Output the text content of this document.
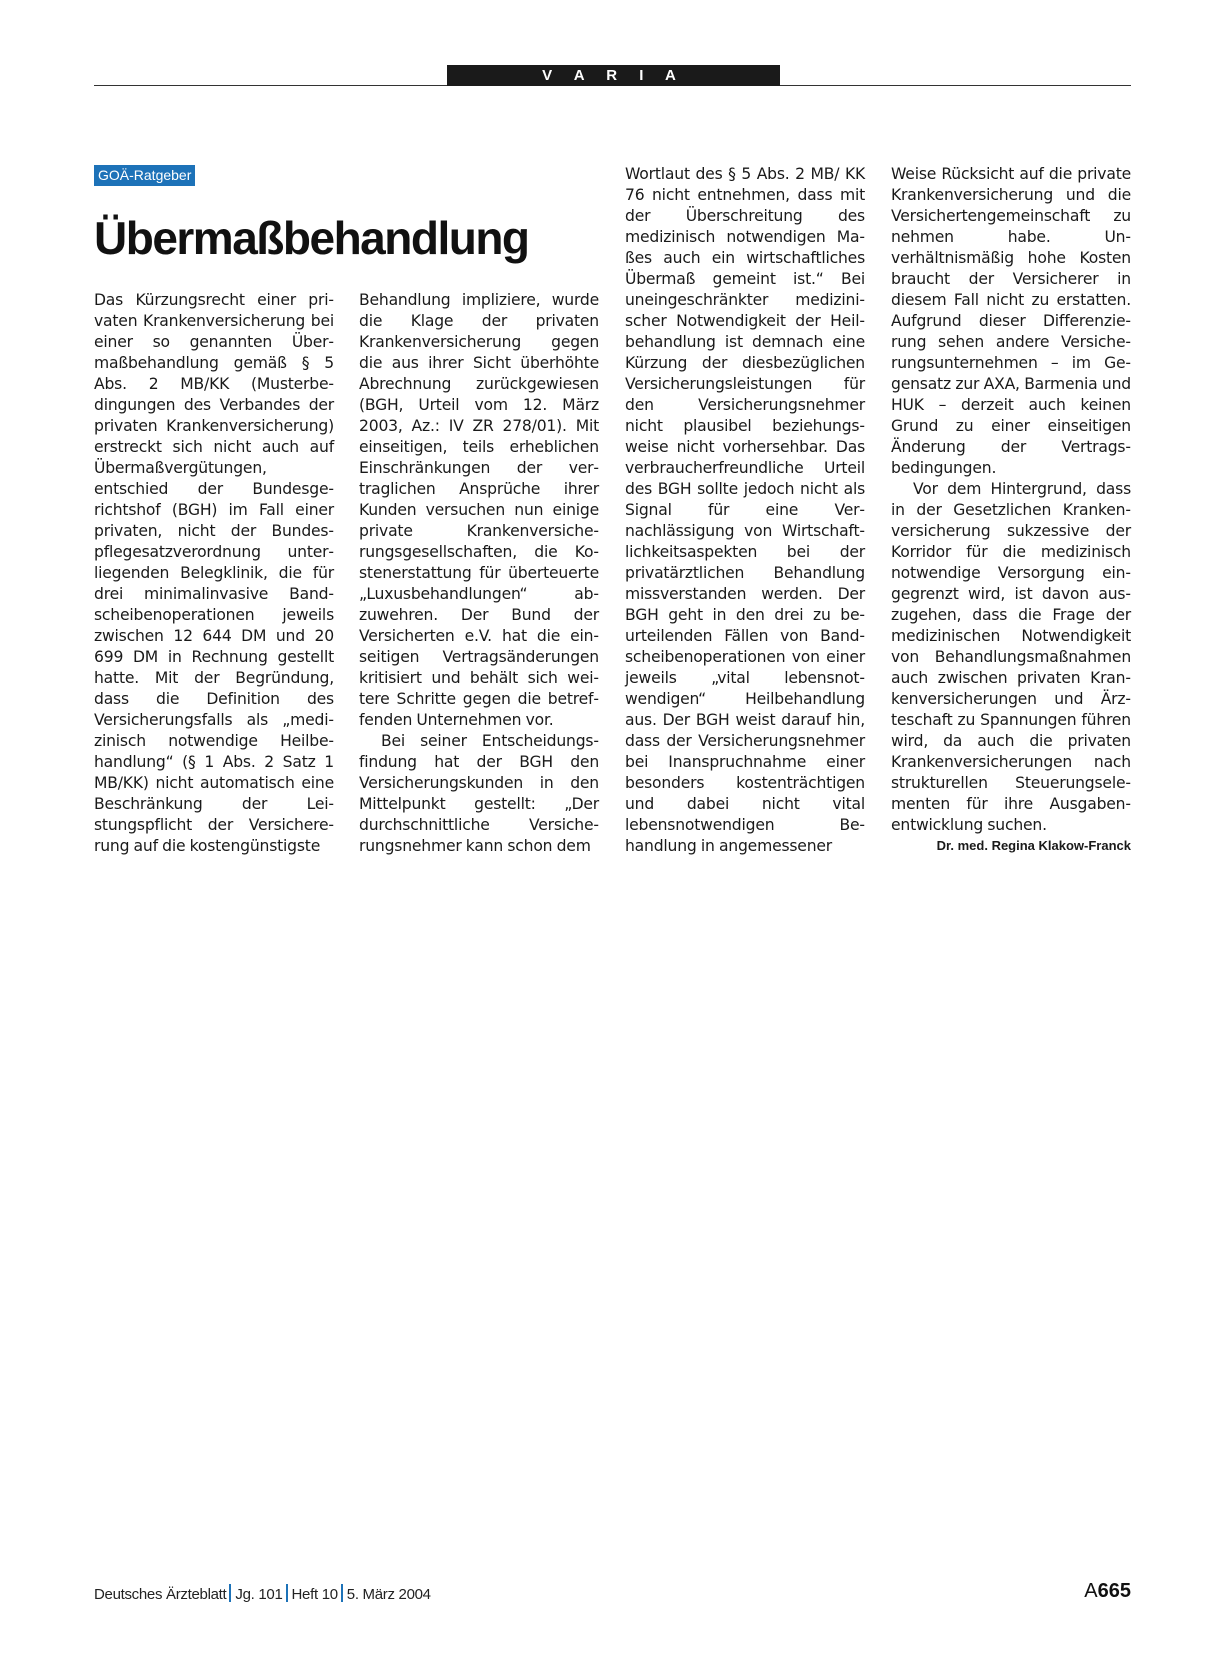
V A R I A
GOÄ-Ratgeber
Übermaßbehandlung

Das Kürzungsrecht einer privaten Krankenversicherung bei einer so genannten Übermaßbehandlung gemäß § 5 Abs. 2 MB/KK (Musterbedingungen des Verbandes der privaten Krankenversicherung) erstreckt sich nicht auch auf Übermaßvergütungen, entschied der Bundesgerichtshof (BGH) im Fall einer privaten, nicht der Bundespflegesatzverordnung unterliegenden Belegklinik, die für drei minimalinvasive Bandscheibenoperationen jeweils zwischen 12 644 DM und 20 699 DM in Rechnung gestellt hatte. Mit der Begründung, dass die Definition des Versicherungsfalls als „medizinisch notwendige Heilbehandlung“ (§ 1 Abs. 2 Satz 1 MB/KK) nicht automatisch eine Beschränkung der Leistungspflicht der Versichererung auf die kostengünstigste

Behandlung impliziere, wurde die Klage der privaten Krankenversicherung gegen die aus ihrer Sicht überhöhte Abrechnung zurückgewiesen (BGH, Urteil vom 12. März 2003, Az.: IV ZR 278/01). Mit einseitigen, teils erheblichen Einschränkungen der vertraglichen Ansprüche ihrer Kunden versuchen nun einige private Krankenversicherungsgesellschaften, die Kostenerstattung für überteuerte „Luxusbehandlungen“ abzuwehren. Der Bund der Versicherten e.V. hat die einseitigen Vertragsänderungen kritisiert und behält sich weitere Schritte gegen die betreffenden Unternehmen vor.

Bei seiner Entscheidungsfindung hat der BGH den Versicherungskunden in den Mittelpunkt gestellt: „Der durchschnittliche Versicherungsnehmer kann schon dem

Wortlaut des § 5 Abs. 2 MB/ KK 76 nicht entnehmen, dass mit der Überschreitung des medizinisch notwendigen Maßes auch ein wirtschaftliches Übermaß gemeint ist.“ Bei uneingeschränkter medizinischer Notwendigkeit der Heilbehandlung ist demnach eine Kürzung der diesbezüglichen Versicherungsleistungen für den Versicherungsnehmer nicht plausibel beziehungsweise nicht vorhersehbar. Das verbraucherfreundliche Urteil des BGH sollte jedoch nicht als Signal für eine Vernachlässigung von Wirtschaftlichkeitsaspekten bei der privatärztlichen Behandlung missverstanden werden. Der BGH geht in den drei zu beurteilenden Fällen von Bandscheibenoperationen von einer jeweils „vital lebensnotwendigen“ Heilbehandlung aus. Der BGH weist darauf hin, dass der Versicherungsnehmer bei Inanspruchnahme einer besonders kostenträchtigen und dabei nicht vital lebensnotwendigen Behandlung in angemessener

Weise Rücksicht auf die private Krankenversicherung und die Versichertengemeinschaft zu nehmen habe. Unverhältnismäßig hohe Kosten braucht der Versicherer in diesem Fall nicht zu erstatten. Aufgrund dieser Differenzierung sehen andere Versicherungsunternehmen – im Gegensatz zur AXA, Barmenia und HUK – derzeit auch keinen Grund zu einer einseitigen Änderung der Vertragsbedingungen.

Vor dem Hintergrund, dass in der Gesetzlichen Krankenversicherung sukzessive der Korridor für die medizinisch notwendige Versorgung eingegrenzt wird, ist davon auszugehen, dass die Frage der medizinischen Notwendigkeit von Behandlungsmaßnahmen auch zwischen privaten Krankenversicherungen und Ärzteschaft zu Spannungen führen wird, da auch die privaten Krankenversicherungen nach strukturellen Steuerungselementen für ihre Ausgabenentwicklung suchen.

Dr. med. Regina Klakow-Franck
Deutsches Ärzteblatt Jg. 101 Heft 10 5. März 2004	A665
